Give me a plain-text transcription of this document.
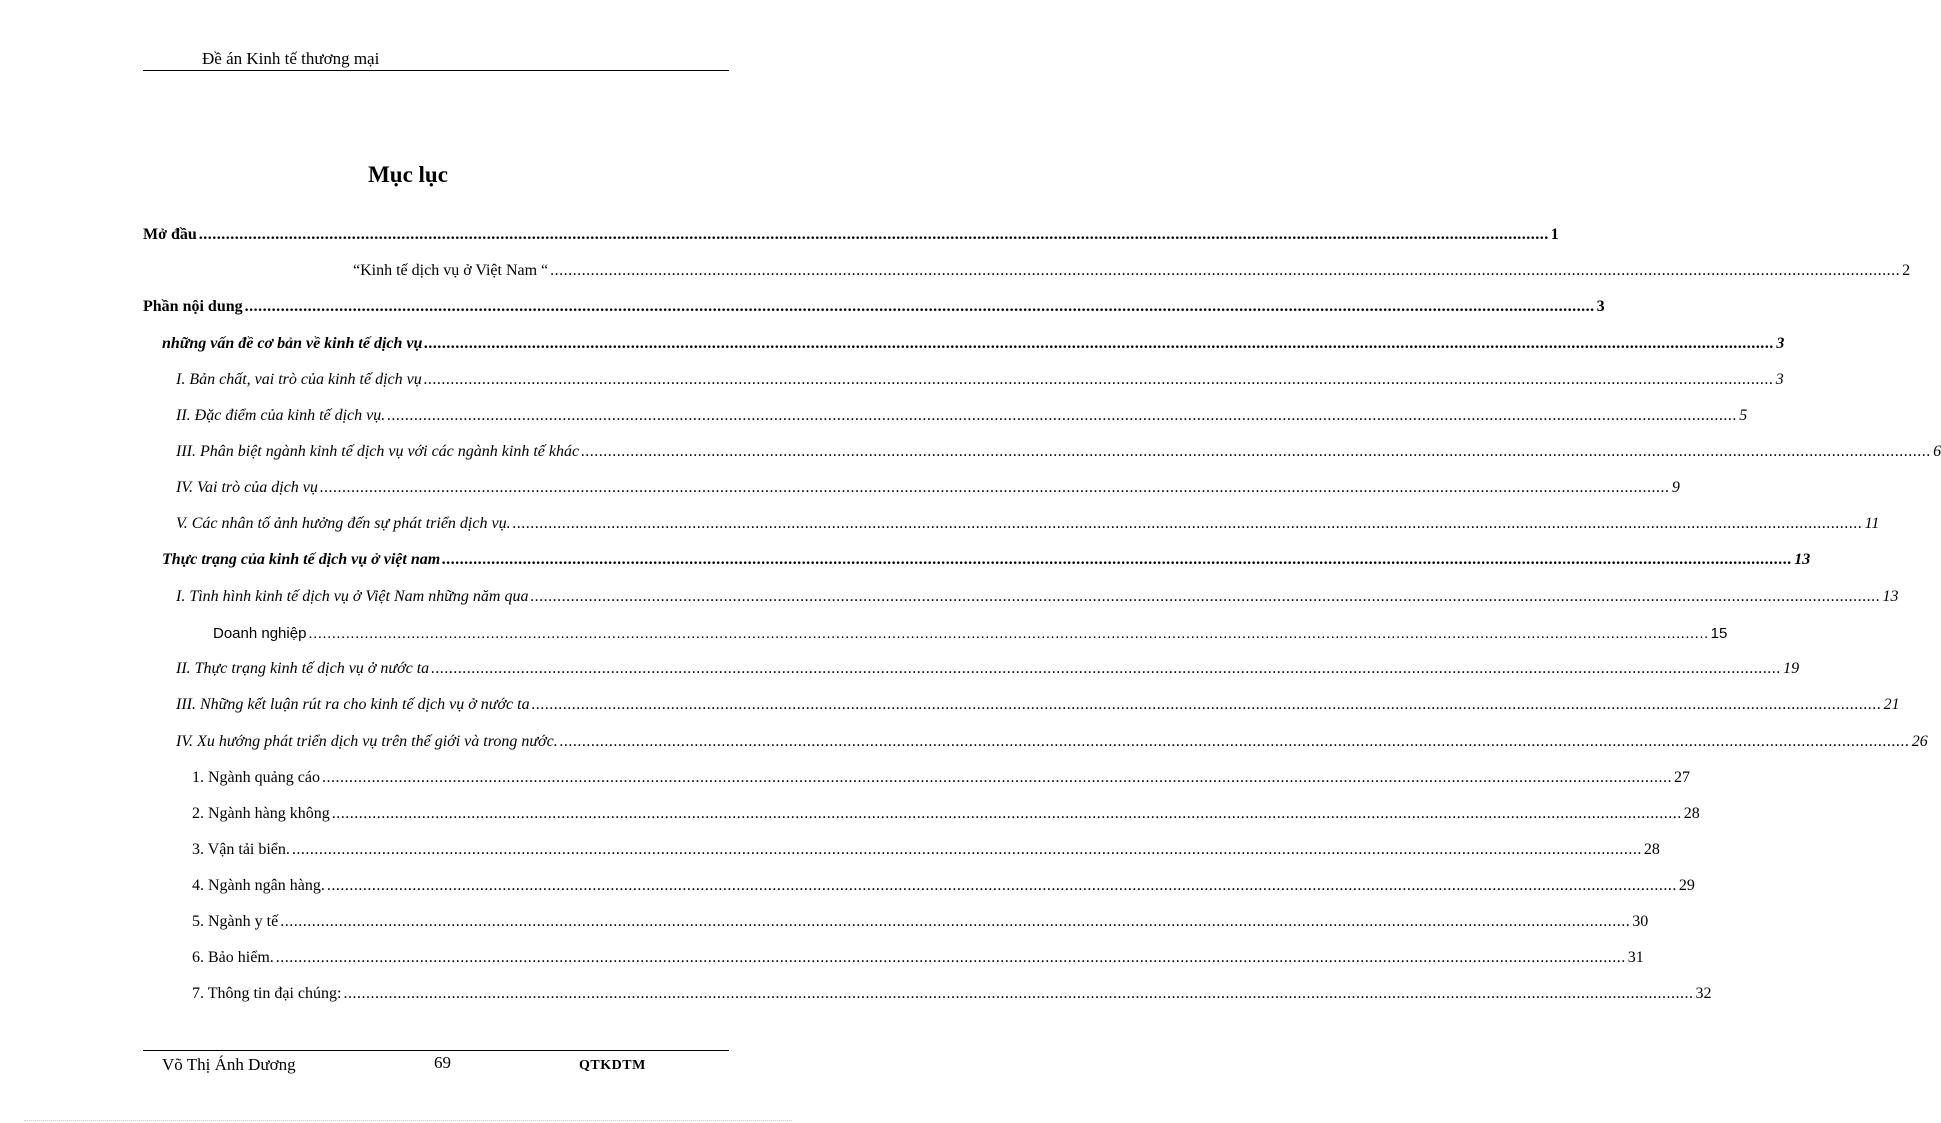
Đề án Kinh tế thương mại
Mục lục
Mở đầu ............................................................................................................................................................................................................................................................................................................ 1
“Kinh tế dịch vụ ở Việt Nam “ ............................................................................................................................................................................................................................................................................................................ 2
Phần nội dung ............................................................................................................................................................................................................................................................................................................ 3
những vấn đề cơ bản về kinh tế dịch vụ ............................................................................................................................................................................................................................................................................................................ 3
I. Bản chất, vai trò của kinh tế dịch vụ ............................................................................................................................................................................................................................................................................................................ 3
II. Đặc điểm của kinh tế dịch vụ. ............................................................................................................................................................................................................................................................................................................ 5
III. Phân biệt ngành kinh tế dịch vụ với các ngành kinh tế khác ............................................................................................................................................................................................................................................................................................................ 6
IV. Vai trò của dịch vụ ............................................................................................................................................................................................................................................................................................................ 9
V. Các nhân tố ảnh hưởng đến sự phát triển dịch vụ. ............................................................................................................................................................................................................................................................................................................ 11
Thực trạng của kinh tế dịch vụ ở việt nam ............................................................................................................................................................................................................................................................................................................ 13
I. Tình hình kinh tế dịch vụ ở Việt Nam những năm qua ............................................................................................................................................................................................................................................................................................................ 13
Doanh nghiệp ............................................................................................................................................................................................................................................................................................................ 15
II. Thực trạng kinh tế dịch vụ ở nước ta ............................................................................................................................................................................................................................................................................................................ 19
III. Những kết luận rút ra cho kinh tế dịch vụ ở nước ta ............................................................................................................................................................................................................................................................................................................ 21
IV. Xu hướng phát triển dịch vụ trên thế giới và trong nước. ............................................................................................................................................................................................................................................................................................................ 26
1. Ngành quảng cáo ............................................................................................................................................................................................................................................................................................................ 27
2. Ngành hàng không ............................................................................................................................................................................................................................................................................................................ 28
3. Vận tải biển. ............................................................................................................................................................................................................................................................................................................ 28
4. Ngành ngân hàng. ............................................................................................................................................................................................................................................................................................................ 29
5. Ngành y tế ............................................................................................................................................................................................................................................................................................................ 30
6. Bảo hiểm. ............................................................................................................................................................................................................................................................................................................ 31
7. Thông tin đại chúng: ............................................................................................................................................................................................................................................................................................................ 32
Võ Thị Ánh Dương	69	QTKDTM
